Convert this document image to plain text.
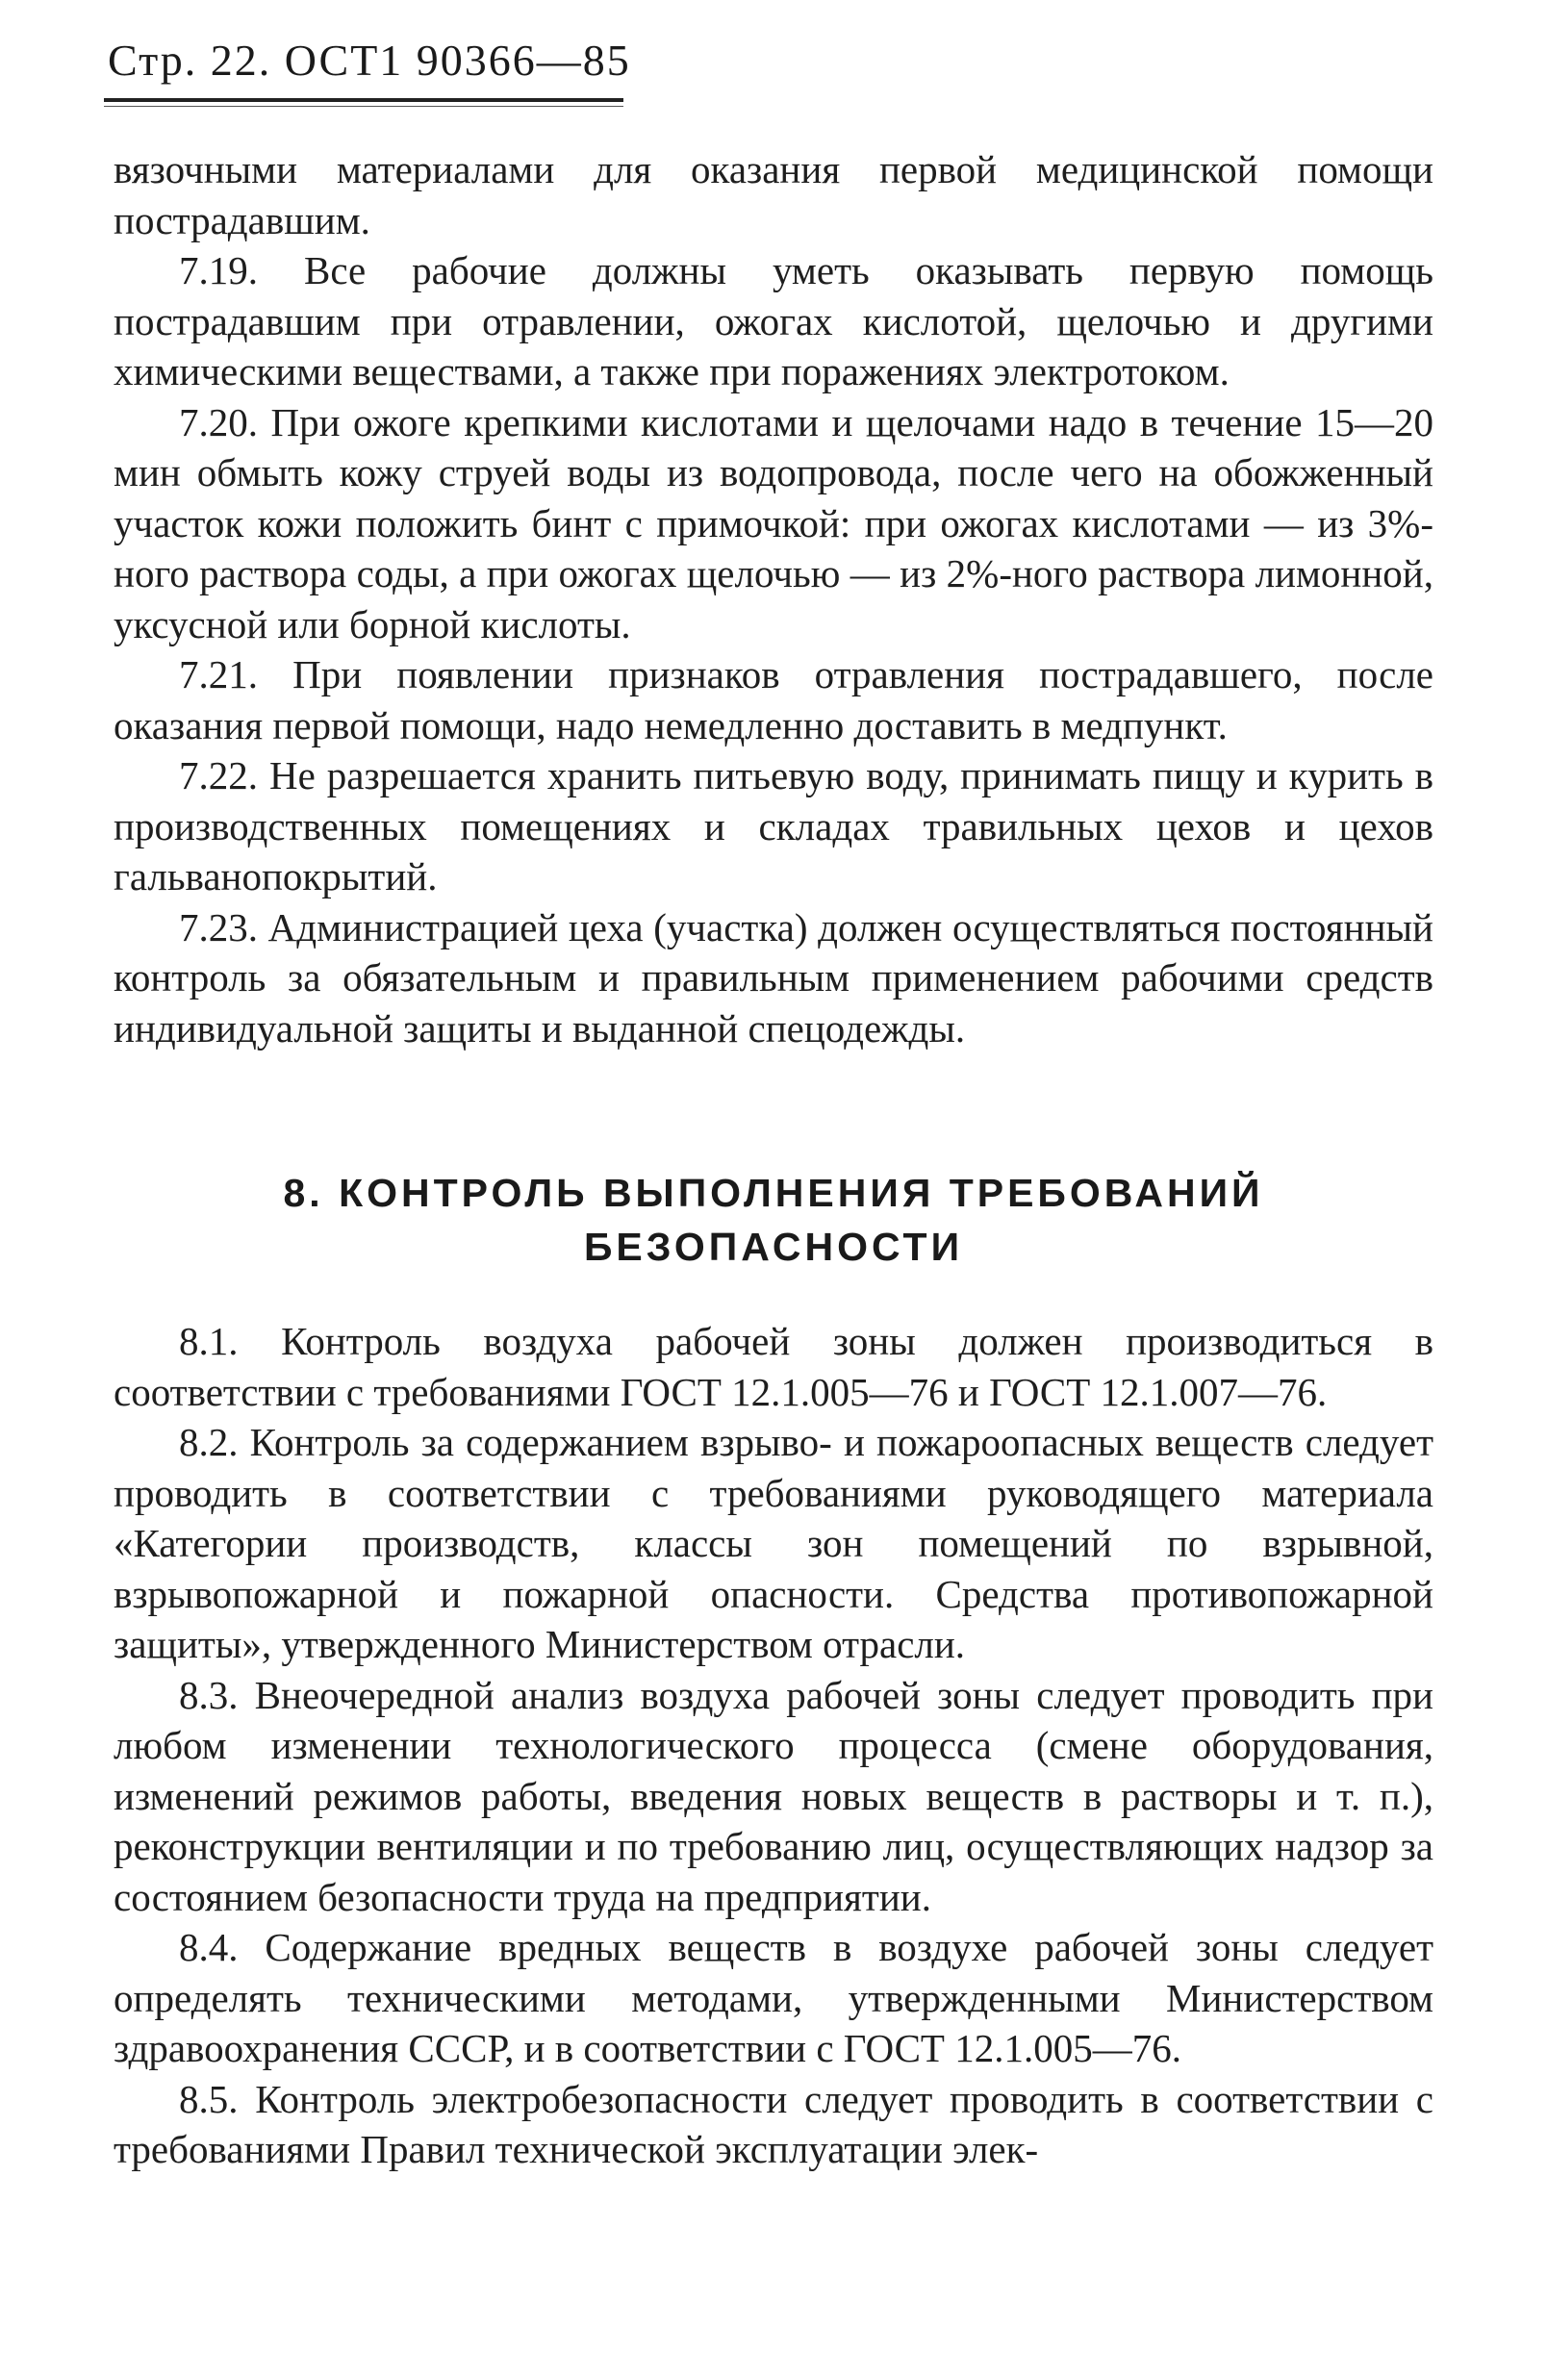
Стр. 22. ОСТ1 90366—85

вязочными материалами для оказания первой медицинской помощи пострадавшим.

7.19. Все рабочие должны уметь оказывать первую помощь пострадавшим при отравлении, ожогах кислотой, щелочью и другими химическими веществами, а также при поражениях электротоком.

7.20. При ожоге крепкими кислотами и щелочами надо в течение 15—20 мин обмыть кожу струей воды из водопровода, после чего на обожженный участок кожи положить бинт с примочкой: при ожогах кислотами — из 3%-ного раствора соды, а при ожогах щелочью — из 2%-ного раствора лимонной, уксусной или борной кислоты.

7.21. При появлении признаков отравления пострадавшего, после оказания первой помощи, надо немедленно доставить в медпункт.

7.22. Не разрешается хранить питьевую воду, принимать пищу и курить в производственных помещениях и складах травильных цехов и цехов гальванопокрытий.

7.23. Администрацией цеха (участка) должен осуществляться постоянный контроль за обязательным и правильным применением рабочими средств индивидуальной защиты и выданной спецодежды.

8. КОНТРОЛЬ ВЫПОЛНЕНИЯ ТРЕБОВАНИЙ
БЕЗОПАСНОСТИ

8.1. Контроль воздуха рабочей зоны должен производиться в соответствии с требованиями ГОСТ 12.1.005—76 и ГОСТ 12.1.007—76.

8.2. Контроль за содержанием взрыво- и пожароопасных веществ следует проводить в соответствии с требованиями руководящего материала «Категории производств, классы зон помещений по взрывной, взрывопожарной и пожарной опасности. Средства противопожарной защиты», утвержденного Министерством отрасли.

8.3. Внеочередной анализ воздуха рабочей зоны следует проводить при любом изменении технологического процесса (смене оборудования, изменений режимов работы, введения новых веществ в растворы и т. п.), реконструкции вентиляции и по требованию лиц, осуществляющих надзор за состоянием безопасности труда на предприятии.

8.4. Содержание вредных веществ в воздухе рабочей зоны следует определять техническими методами, утвержденными Министерством здравоохранения СССР, и в соответствии с ГОСТ 12.1.005—76.

8.5. Контроль электробезопасности следует проводить в соответствии с требованиями Правил технической эксплуатации элек-
